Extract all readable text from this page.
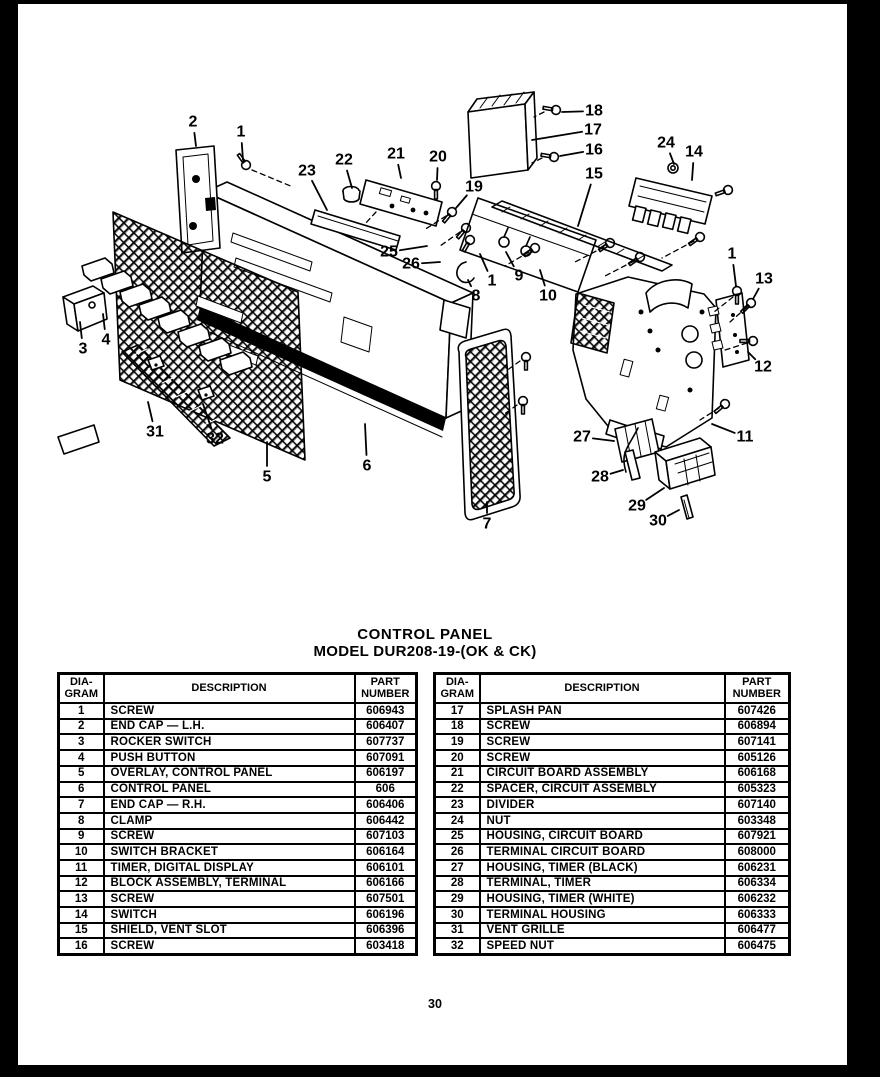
2
1
23
22 21 20
18
17
16
15
24
14
19
25
26
1 9
10
8
1
13
3
4
31	32
5
6
7
27
28
29
30
11
12
CONTROL PANEL
MODEL DUR208-19-(OK & CK)
DIA-
GRAM	DESCRIPTION	PART
NUMBER

1	SCREW	606943
2	END CAP — L.H.	606407
3	ROCKER SWITCH	607737
4	PUSH BUTTON	607091
5	OVERLAY, CONTROL PANEL	606197
6	CONTROL PANEL	606
7	END CAP — R.H.	606406
8	CLAMP	606442
9	SCREW	607103
10	SWITCH BRACKET	606164
11	TIMER, DIGITAL DISPLAY	606101
12	BLOCK ASSEMBLY, TERMINAL	606166
13	SCREW	607501
14	SWITCH	606196
15	SHIELD, VENT SLOT	606396
16	SCREW	603418
DIA-
GRAM	DESCRIPTION	PART
NUMBER

17	SPLASH PAN	607426
18	SCREW	606894
19	SCREW	607141
20	SCREW	605126
21	CIRCUIT BOARD ASSEMBLY	606168
22	SPACER, CIRCUIT ASSEMBLY	605323
23	DIVIDER	607140
24	NUT	603348
25	HOUSING, CIRCUIT BOARD	607921
26	TERMINAL CIRCUIT BOARD	608000
27	HOUSING, TIMER (BLACK)	606231
28	TERMINAL, TIMER	606334
29	HOUSING, TIMER (WHITE)	606232
30	TERMINAL HOUSING	606333
31	VENT GRILLE	606477
32	SPEED NUT	606475
30
